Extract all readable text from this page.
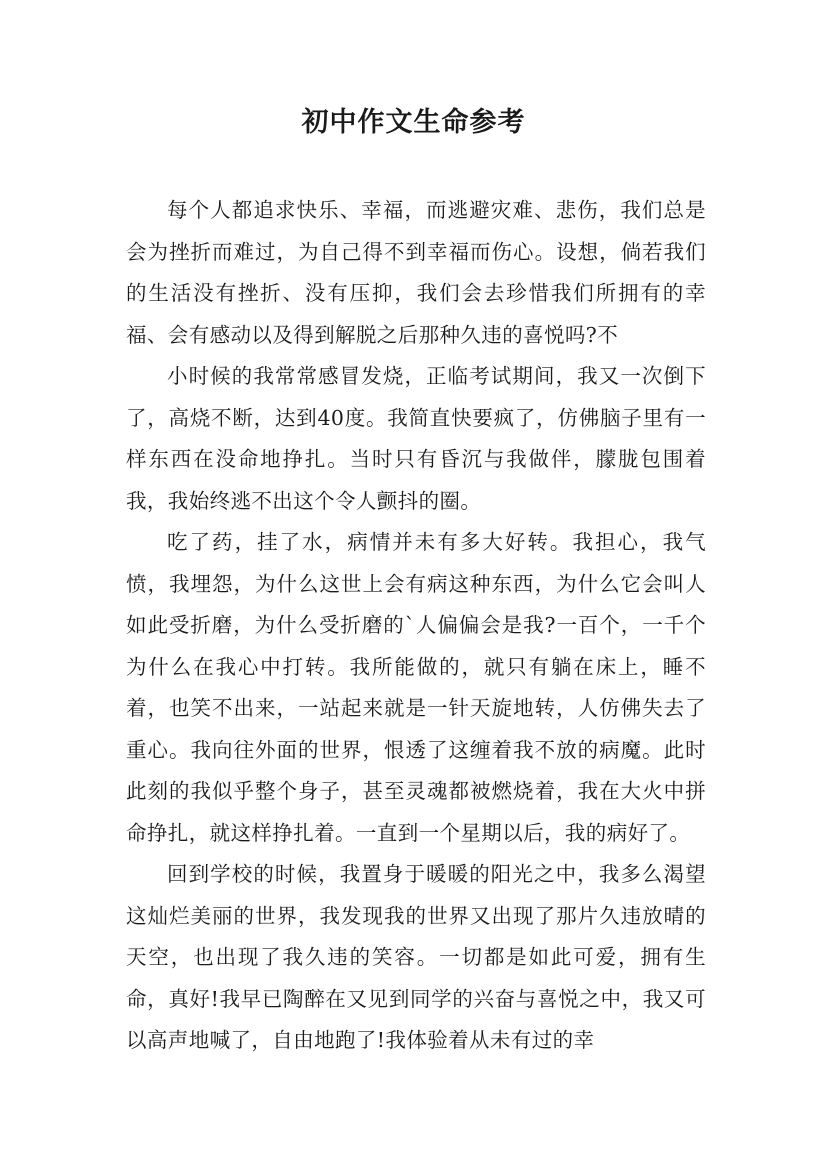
初中作文生命参考

每个人都追求快乐、幸福，而逃避灾难、悲伤，我们总是会为挫折而难过，为自己得不到幸福而伤心。设想，倘若我们的生活没有挫折、没有压抑，我们会去珍惜我们所拥有的幸福、会有感动以及得到解脱之后那种久违的喜悦吗?不

小时候的我常常感冒发烧，正临考试期间，我又一次倒下了，高烧不断，达到40度。我简直快要疯了，仿佛脑子里有一样东西在没命地挣扎。当时只有昏沉与我做伴，朦胧包围着我，我始终逃不出这个令人颤抖的圈。

吃了药，挂了水，病情并未有多大好转。我担心，我气愤，我埋怨，为什么这世上会有病这种东西，为什么它会叫人如此受折磨，为什么受折磨的`人偏偏会是我?一百个，一千个为什么在我心中打转。我所能做的，就只有躺在床上，睡不着，也笑不出来，一站起来就是一针天旋地转，人仿佛失去了重心。我向往外面的世界，恨透了这缠着我不放的病魔。此时此刻的我似乎整个身子，甚至灵魂都被燃烧着，我在大火中拼命挣扎，就这样挣扎着。一直到一个星期以后，我的病好了。

回到学校的时候，我置身于暖暖的阳光之中，我多么渴望这灿烂美丽的世界，我发现我的世界又出现了那片久违放晴的天空，也出现了我久违的笑容。一切都是如此可爱，拥有生命，真好!我早已陶醉在又见到同学的兴奋与喜悦之中，我又可以高声地喊了，自由地跑了!我体验着从未有过的幸
